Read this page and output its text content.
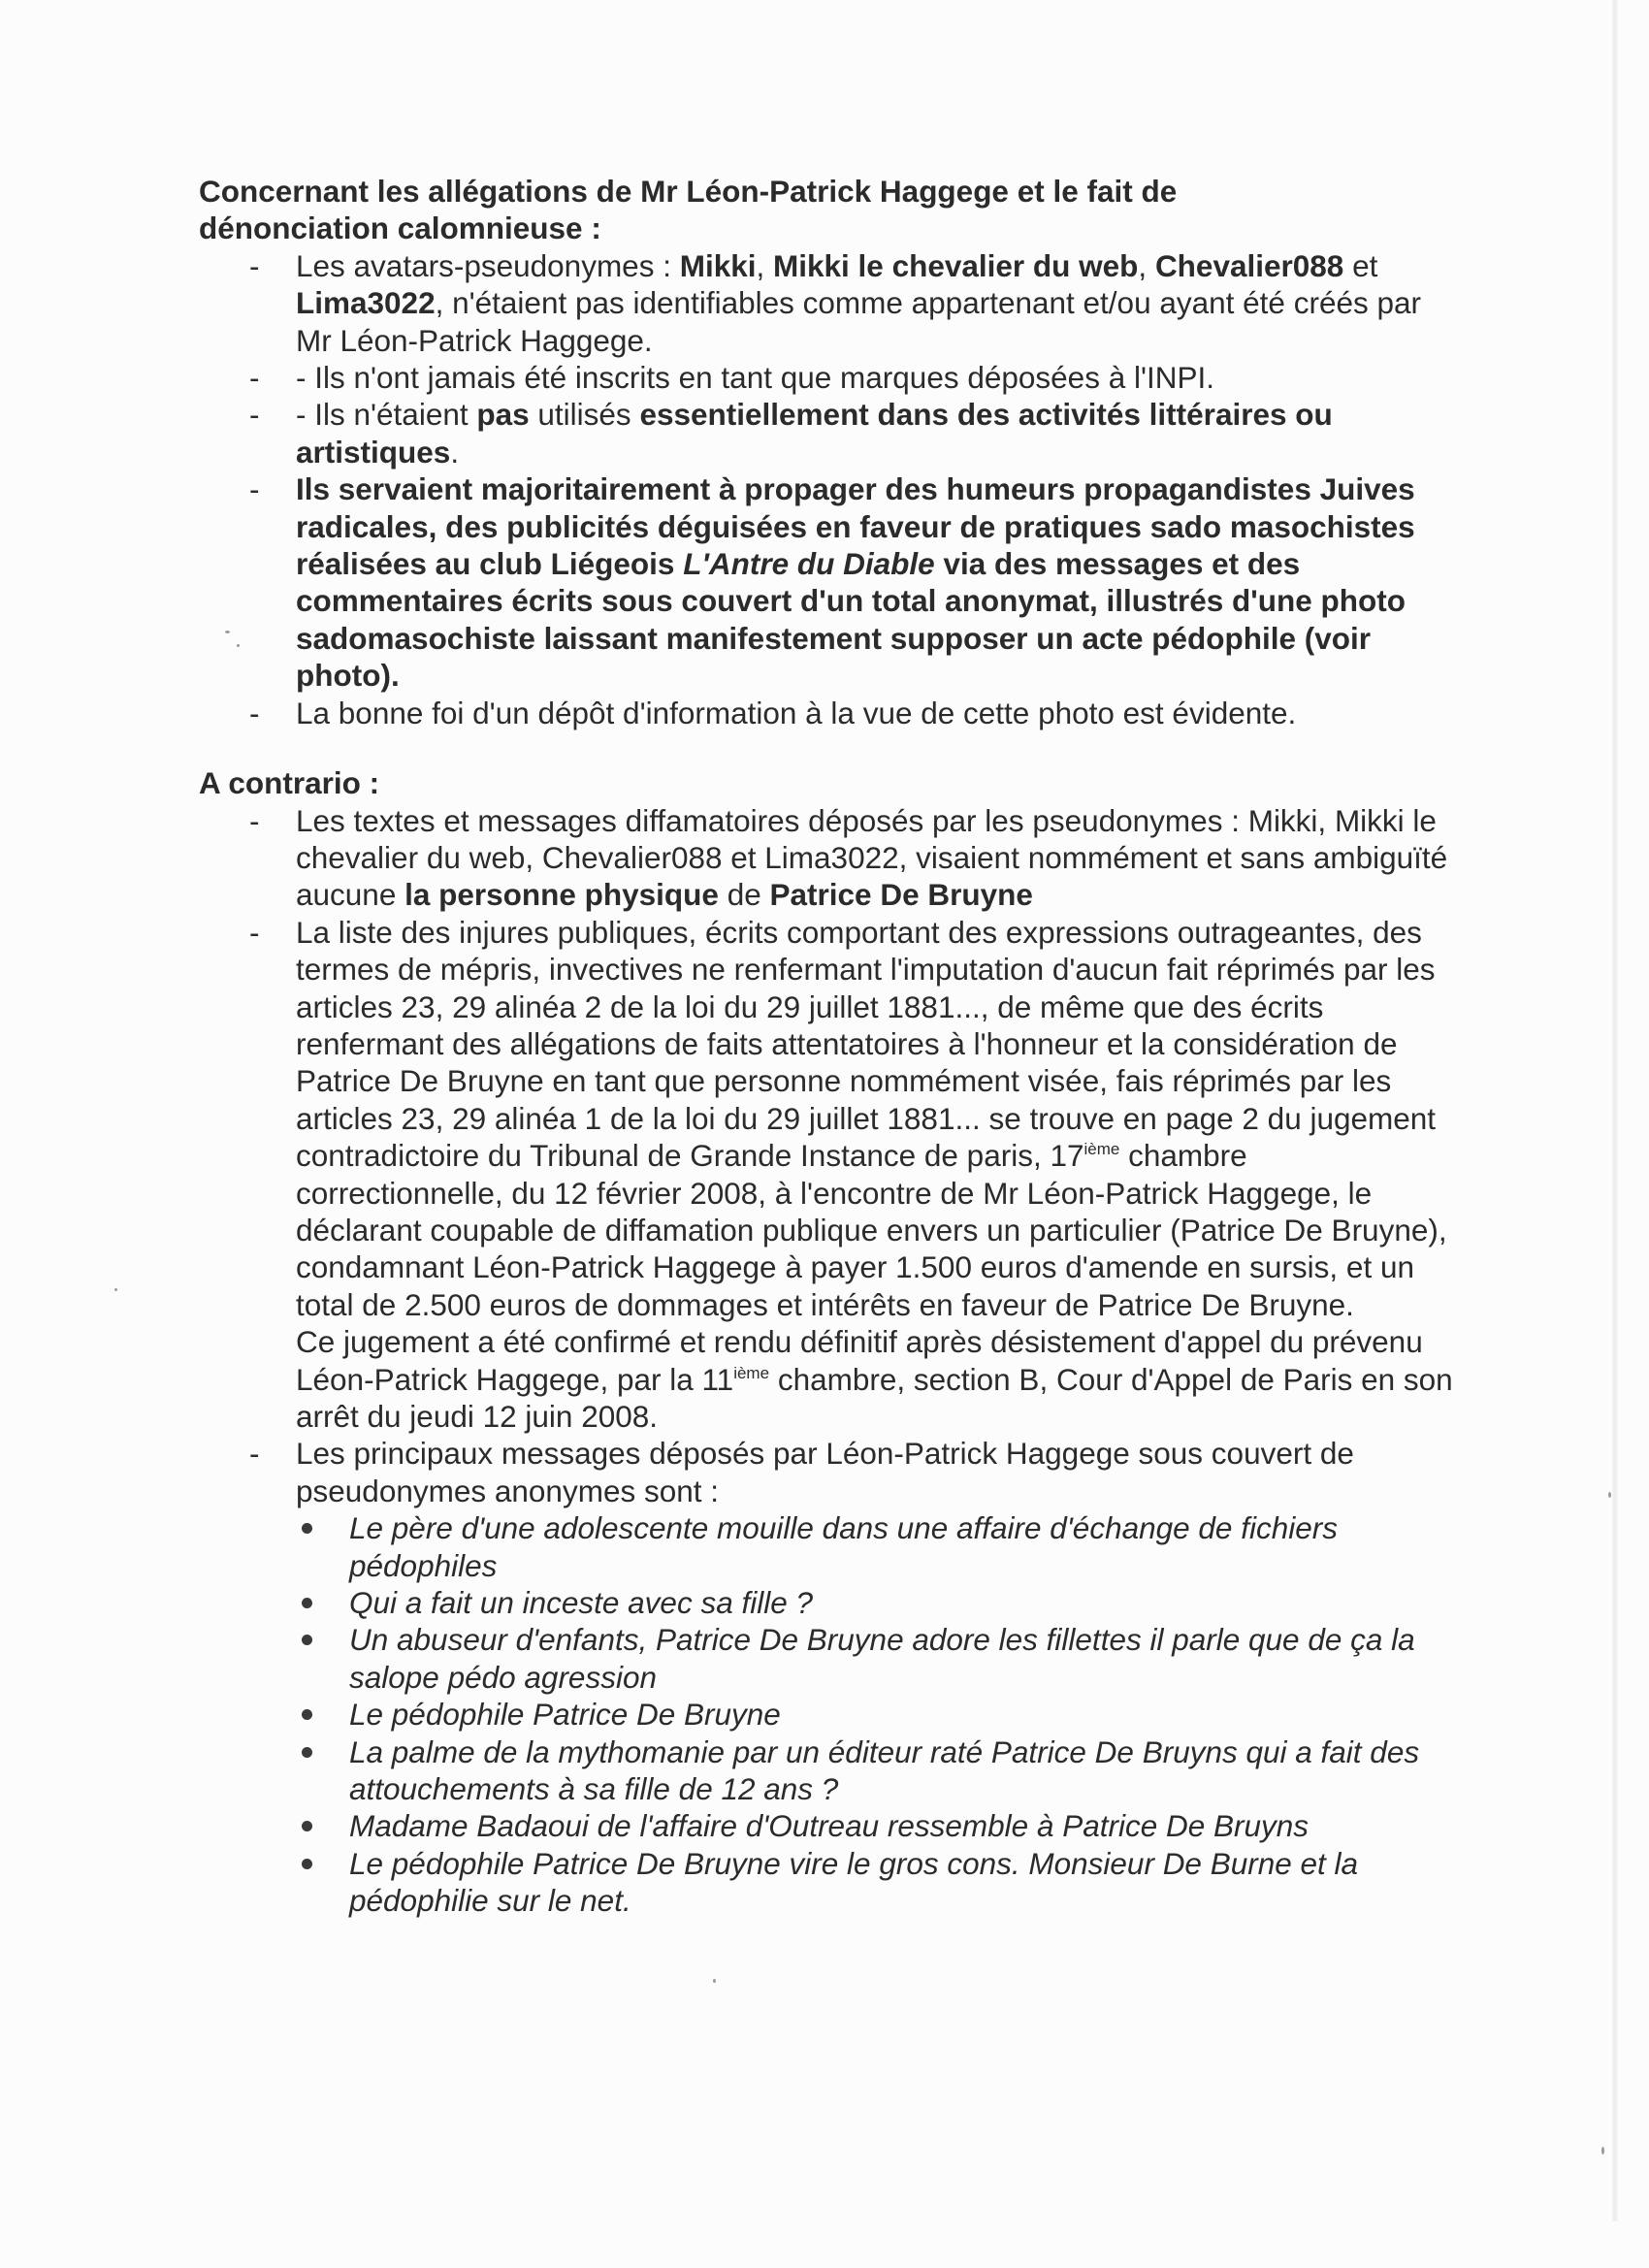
Concernant les allégations de Mr Léon-Patrick Haggege et le fait de
dénonciation calomnieuse :
- Les avatars-pseudonymes : Mikki, Mikki le chevalier du web, Chevalier088 et Lima3022, n'étaient pas identifiables comme appartenant et/ou ayant été créés par Mr Léon-Patrick Haggege.
- - Ils n'ont jamais été inscrits en tant que marques déposées à l'INPI.
- - Ils n'étaient pas utilisés essentiellement dans des activités littéraires ou artistiques.
- Ils servaient majoritairement à propager des humeurs propagandistes Juives radicales, des publicités déguisées en faveur de pratiques sado masochistes réalisées au club Liégeois L'Antre du Diable via des messages et des commentaires écrits sous couvert d'un total anonymat, illustrés d'une photo sadomasochiste laissant manifestement supposer un acte pédophile (voir photo).
- La bonne foi d'un dépôt d'information à la vue de cette photo est évidente.
A contrario :
- Les textes et messages diffamatoires déposés par les pseudonymes : Mikki, Mikki le chevalier du web, Chevalier088 et Lima3022, visaient nommément et sans ambiguïté aucune la personne physique de Patrice De Bruyne
- La liste des injures publiques, écrits comportant des expressions outrageantes, des termes de mépris, invectives ne renfermant l'imputation d'aucun fait réprimés par les articles 23, 29 alinéa 2 de la loi du 29 juillet 1881..., de même que des écrits renfermant des allégations de faits attentatoires à l'honneur et la considération de Patrice De Bruyne en tant que personne nommément visée, fais réprimés par les articles 23, 29 alinéa 1 de la loi du 29 juillet 1881... se trouve en page 2 du jugement contradictoire du Tribunal de Grande Instance de paris, 17ième chambre correctionnelle, du 12 février 2008, à l'encontre de Mr Léon-Patrick Haggege, le déclarant coupable de diffamation publique envers un particulier (Patrice De Bruyne), condamnant Léon-Patrick Haggege à payer 1.500 euros d'amende en sursis, et un total de 2.500 euros de dommages et intérêts en faveur de Patrice De Bruyne.
Ce jugement a été confirmé et rendu définitif après désistement d'appel du prévenu Léon-Patrick Haggege, par la 11ième chambre, section B, Cour d'Appel de Paris en son arrêt du jeudi 12 juin 2008.
- Les principaux messages déposés par Léon-Patrick Haggege sous couvert de pseudonymes anonymes sont :
Le père d'une adolescente mouille dans une affaire d'échange de fichiers pédophiles
Qui a fait un inceste avec sa fille ?
Un abuseur d'enfants, Patrice De Bruyne adore les fillettes il parle que de ça la salope pédo agression
Le pédophile Patrice De Bruyne
La palme de la mythomanie par un éditeur raté Patrice De Bruyns qui a fait des attouchements à sa fille de 12 ans ?
Madame Badaoui de l'affaire d'Outreau ressemble à Patrice De Bruyns
Le pédophile Patrice De Bruyne vire le gros cons. Monsieur De Burne et la pédophilie sur le net.
